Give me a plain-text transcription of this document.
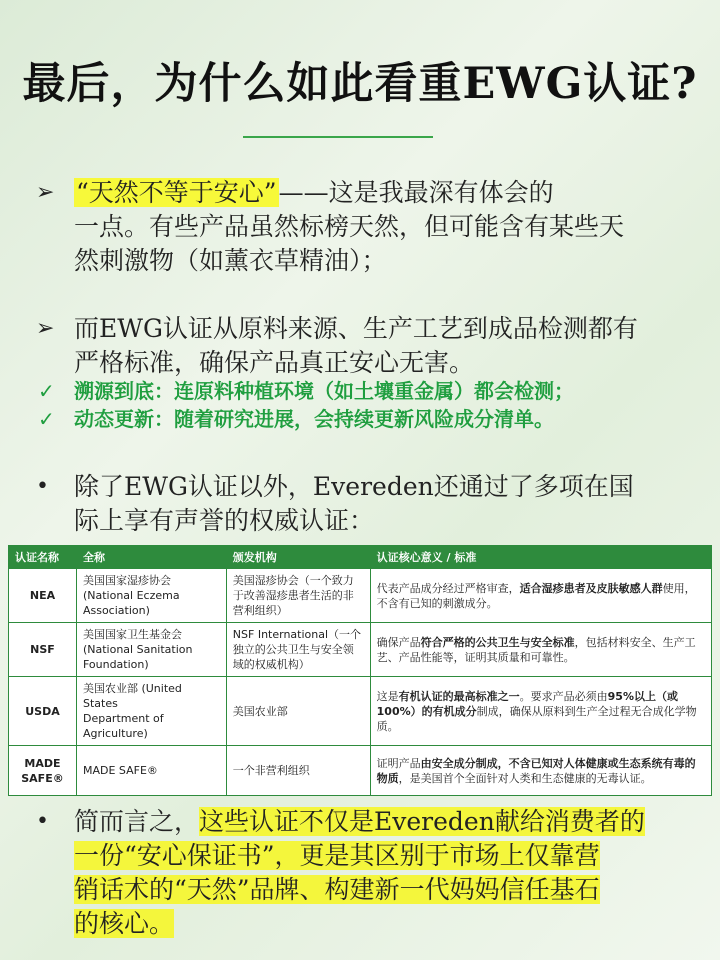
最后，为什么如此看重EWG认证?
➢ “天然不等于安心”——这是我最深有体会的
一点。有些产品虽然标榜天然，但可能含有某些天
然刺激物（如薰衣草精油）；
➢ 而EWG认证从原料来源、生产工艺到成品检测都有
严格标准，确保产品真正安心无害。
✓ 溯源到底：连原料种植环境（如土壤重金属）都会检测；
✓ 动态更新：随着研究进展，会持续更新风险成分清单。
• 除了EWG认证以外，Evereden还通过了多项在国
际上享有声誉的权威认证：
认证名称	全称	颁发机构	认证核心意义 / 标准
NEA	美国国家湿疹协会
(National Eczema
Association)	美国湿疹协会（一个致力于改善湿疹患者生活的非营利组织）	代表产品成分经过严格审查，适合湿疹患者及皮肤敏感人群使用，不含有已知的刺激成分。
NSF	美国国家卫生基金会
(National Sanitation
Foundation)	NSF International（一个独立的公共卫生与安全领域的权威机构）	确保产品符合严格的公共卫生与安全标准，包括材料安全、生产工艺、产品性能等，证明其质量和可靠性。
USDA	美国农业部 (United States
Department of Agriculture)	美国农业部	这是有机认证的最高标准之一。要求产品必须由95%以上（或100%）的有机成分制成，确保从原料到生产全过程无合成化学物质。
MADE
SAFE®	MADE SAFE®	一个非营利组织	证明产品由安全成分制成，不含已知对人体健康或生态系统有毒的物质，是美国首个全面针对人类和生态健康的无毒认证。
• 简而言之，这些认证不仅是Evereden献给消费者的
一份“安心保证书”，更是其区别于市场上仅靠营
销话术的“天然”品牌、构建新一代妈妈信任基石
的核心。
